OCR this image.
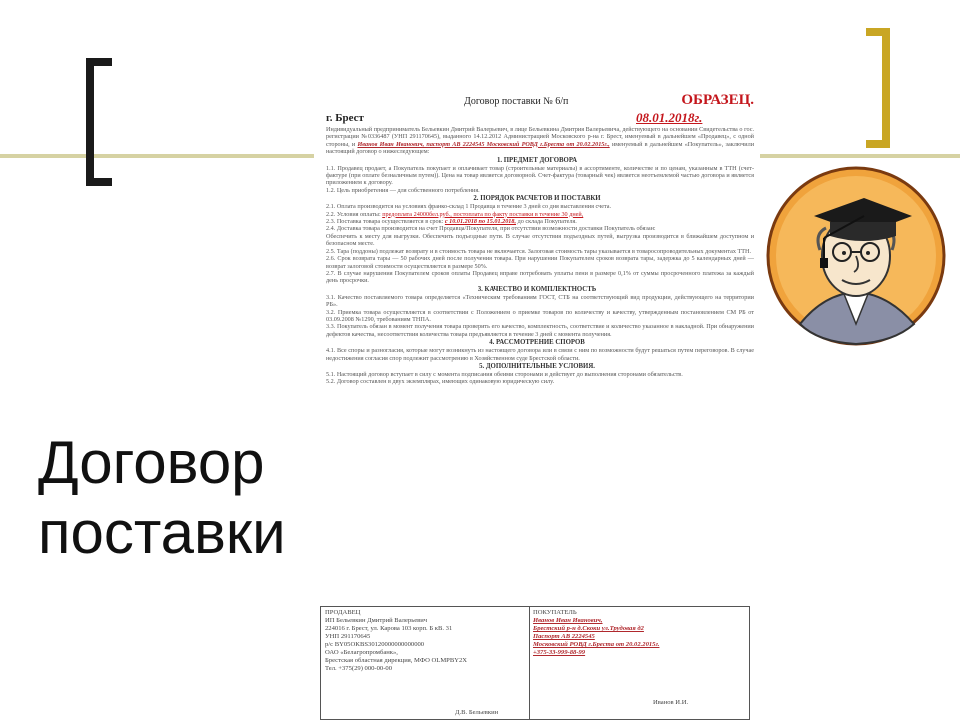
Договор
поставки
Договор поставки № 6/п	ОБРАЗЕЦ.
г. Брест	08.01.2018г.

Индивидуальный предприниматель Бельевкин Дмитрий Валерьевич, в лице Бельевкина Дмитрия Валерьевича, действующего на основании Свидетельства о гос. регистрации №0336487 (УНП 291170645), выданного 14.12.2012 Администрацией Московского р-на г. Брест, именуемый в дальнейшем «Продавец», с одной стороны, и Иванов Иван Иванович, паспорт АВ 2224545 Московский РОВД г.Бреста от 20.02.2015г., именуемый в дальнейшем «Покупатель», заключили настоящий договор о нижеследующем:

1. ПРЕДМЕТ ДОГОВОРА

1.1. Продавец продает, а Покупатель покупает и оплачивает товар (строительные материалы) в ассортименте, количестве и по ценам, указанным в ТТН (счет-фактуре (при оплате безналичным путем)). Цена на товар является договорной. Счет-фактура (товарный чек) является неотъемлемой частью договора и является приложением к договору.

1.2. Цель приобретения — для собственного потребления.

2. ПОРЯДОК РАСЧЕТОВ И ПОСТАВКИ

2.1. Оплата производится на условиях франко-склад 1 Продавца в течение 3 дней со дня выставления счета.

2.2. Условия оплаты: предоплата 24000бел.руб., постоплата по факту поставки в течение 30 дней,

2.3. Поставка товара осуществляется в срок: с 10.01.2018 по 15.01.2018, до склада Покупателя.

2.4. Доставка товара производится на счет Продавца/Покупателя, при отсутствии возможности доставки Покупатель обязан:

Обеспечить к месту для выгрузки. Обеспечить подъездные пути. В случае отсутствия подъездных путей, выгрузка производится в ближайшем доступном и безопасном месте.

2.5. Тара (поддоны) подлежат возврату и в стоимость товара не включается. Залоговая стоимость тары указывается в товаросопроводительных документах ТТН.

2.6. Срок возврата тары — 50 рабочих дней после получения товара. При нарушении Покупателем сроков возврата тары, задержка до 5 календарных дней — возврат залоговой стоимости осуществляется в размере 50%.

2.7. В случае нарушения Покупателем сроков оплаты Продавец вправе потребовать уплаты пени в размере 0,1% от суммы просроченного платежа за каждый день просрочки.

3. КАЧЕСТВО И КОМПЛЕКТНОСТЬ

3.1. Качество поставляемого товара определяется «Техническим требованиям ГОСТ, СТБ на соответствующий вид продукции, действующего на территории РБ».

3.2. Приемка товара осуществляется в соответствии с Положением о приемке товаров по количеству и качеству, утвержденным постановлением СМ РБ от 03.09.2008 №1290, требованиям ТНПА.

3.3. Покупатель обязан в момент получения товара проверить его качество, комплектность, соответствие и количество указанное в накладной. При обнаружении дефектов качества, несоответствия количества товара предъявляется в течение 3 дней с момента получения.

4. РАССМОТРЕНИЕ СПОРОВ

4.1. Все споры и разногласия, которые могут возникнуть из настоящего договора или в связи с ним по возможности будут решаться путем переговоров. В случае недостижения согласия спор подлежит рассмотрению в Хозяйственном суде Брестской области.

5. ДОПОЛНИТЕЛЬНЫЕ УСЛОВИЯ.

5.1. Настоящий договор вступает в силу с момента подписания обеими сторонами и действует до выполнения сторонами обязательств.

5.2. Договор составлен в двух экземплярах, имеющих одинаковую юридическую силу.

ПРОДАВЕЦ
ИП Бельевкин Дмитрий Валерьевич
224016 г. Брест, ул. Карова 103 корп. Б кВ. 31
УНП 291170645
р/с BY05OKBS30120000000000000
ОАО «Белагропромбанк»,
Брестская областная дирекция, МФО OLMPBY2X
Тел. +375(29) 000-00-00
Д.В. Бельевкин
ПОКУПАТЕЛЬ
Иванов Иван Иванович,
Брестский р-н д.Скоки ул.Трудовая д2
Паспорт АВ 2224545
Московский РОВД г.Бреста от 20.02.2015г.
+375-33-999-88-99
Иванов И.И.
